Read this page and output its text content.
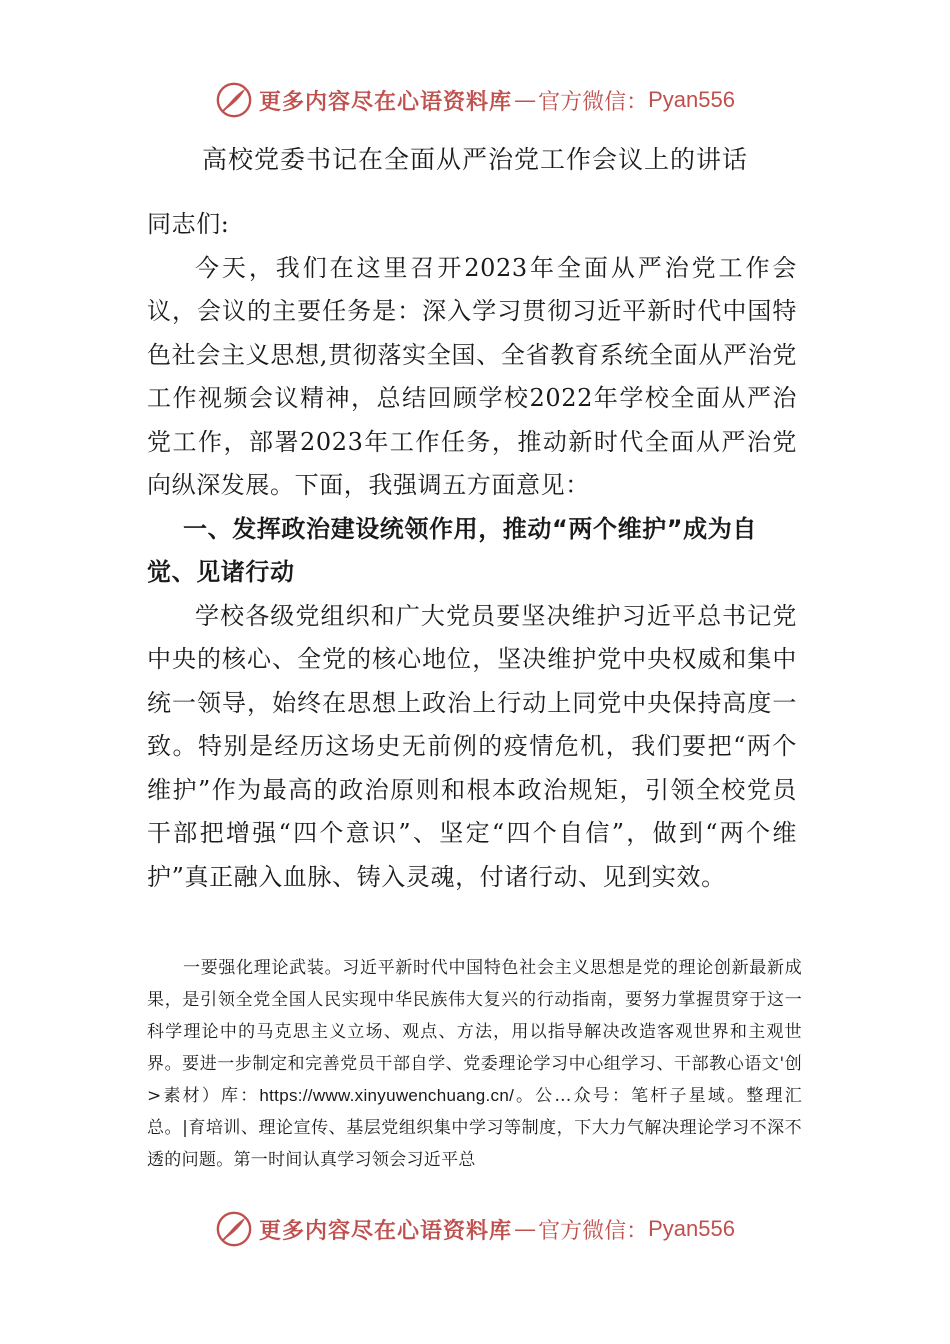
更多内容尽在心语资料库 — 官方微信： Pyan556
高校党委书记在全面从严治党工作会议上的讲话

同志们:

今天，我们在这里召开2023年全面从严治党工作会议，会议的主要任务是：深入学习贯彻习近平新时代中国特色社会主义思想,贯彻落实全国、全省教育系统全面从严治党工作视频会议精神，总结回顾学校2022年学校全面从严治党工作，部署2023年工作任务，推动新时代全面从严治党向纵深发展。下面，我强调五方面意见：

一、发挥政治建设统领作用，推动“两个维护”成为自觉、见诸行动

学校各级党组织和广大党员要坚决维护习近平总书记党中央的核心、全党的核心地位，坚决维护党中央权威和集中统一领导，始终在思想上政治上行动上同党中央保持高度一致。特别是经历这场史无前例的疫情危机，我们要把“两个维护”作为最高的政治原则和根本政治规矩，引领全校党员干部把增强“四个意识”、坚定“四个自信”，做到“两个维护”真正融入血脉、铸入灵魂，付诸行动、见到实效。

一要强化理论武装。习近平新时代中国特色社会主义思想是党的理论创新最新成果，是引领全党全国人民实现中华民族伟大复兴的行动指南，要努力掌握贯穿于这一科学理论中的马克思主义立场、观点、方法，用以指导解决改造客观世界和主观世界。要进一步制定和完善党员干部自学、党委理论学习中心组学习、干部教心语文'创>素材）库：https://www.xinyuwenchuang.cn/。公…众号：笔杆子星域。整理汇总。|育培训、理论宣传、基层党组织集中学习等制度，下大力气解决理论学习不深不透的问题。第一时间认真学习领会习近平总

更多内容尽在心语资料库 — 官方微信： Pyan556
